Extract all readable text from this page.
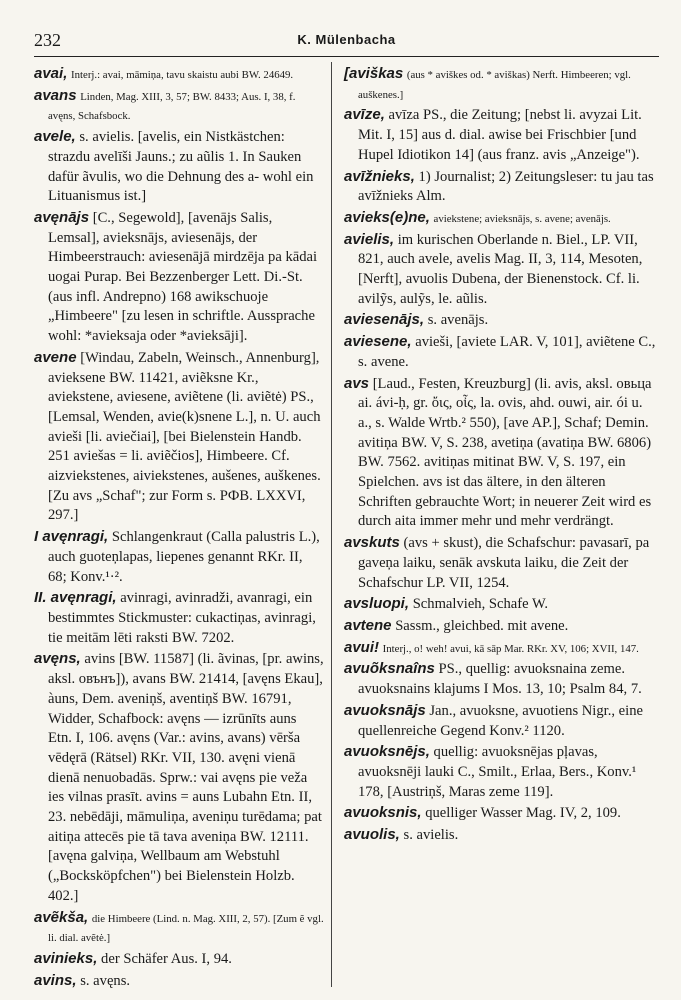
232	K. Mülenbacha

avai, Interj.: avai, māmiņa, tavu skaistu aubi BW. 24649.

avans Linden, Mag. XIII, 3, 57; BW. 8433; Aus. I, 38, f. avęns, Schafsbock.

avele, s. avielis. [avelis, ein Nistkästchen: strazdu avelīši Jauns.; zu aũlis 1. In Sauken dafür ãvulis, wo die Dehnung des a- wohl ein Lituanismus ist.]

avęnājs [C., Segewold], [avenājs Salis, Lemsal], avieksnājs, aviesenājs, der Himbeerstrauch: aviesenājā mirdzēja pa kādai uogai Purap. Bei Bezzenberger Lett. Di.-St. (aus infl. Andrepno) 168 awikschuoje „Himbeere" [zu lesen in schriftle. Aussprache wohl: *avieksaja oder *avieksāji].

avene [Windau, Zabeln, Weinsch., Annenburg], avieksene BW. 11421, aviẽksne Kr., aviekstene, aviesene, aviẽtene (li. aviẽtė) PS., [Lemsal, Wenden, avie(k)snene L.], n. U. auch avieši [li. aviečiai], [bei Bielenstein Handb. 251 aviešas = li. aviẽčios], Himbeere. Cf. aizviekstenes, aiviekstenes, aušenes, auškenes. [Zu avs „Schaf"; zur Form s. PФВ. LXXVI, 297.]

I avęnragi, Schlangenkraut (Calla palustris L.), auch guoteņlapas, liepenes genannt RKr. II, 68; Konv.¹·².

II. avęnragi, avinragi, avinradži, avanragi, ein bestimmtes Stickmuster: cukactiņas, avinragi, tie meitām lēti raksti BW. 7202.

avęns, avins [BW. 11587] (li. ãvinas, [pr. awins, aksl. овънъ]), avans BW. 21414, [avęns Ekau], àuns, Dem. aveniņš, aventiņš BW. 16791, Widder, Schafbock: avęns — izrūnīts auns Etn. I, 106. avęns (Var.: avins, avans) vērša vēdęrā (Rätsel) RKr. VII, 130. avęni vienā dienā nenuobadās. Sprw.: vai avęns pie veža ies vilnas prasīt. avins = auns Lubahn Etn. II, 23. nebēdāji, māmuliņa, aveniņu turēdama; pat aitiņa attecēs pie tā tava aveniņa BW. 12111. [avęna galviņa, Wellbaum am Webstuhl („Bocksköpfchen") bei Bielenstein Holzb. 402.]

avẽkša, die Himbeere (Lind. n. Mag. XIII, 2, 57). [Zum ẽ vgl. li. dial. avẽtė.]

avinieks, der Schäfer Aus. I, 94.

avins, s. avęns.

[aviškas (aus * aviškes od. * aviškas) Nerft. Himbeeren; vgl. auškenes.]

avīze, avīza PS., die Zeitung; [nebst li. avyzai Lit. Mit. I, 15] aus d. dial. awise bei Frischbier [und Hupel Idiotikon 14] (aus franz. avis „Anzeige").

avīžnieks, 1) Journalist; 2) Zeitungsleser: tu jau tas avīžnieks Alm.

avieks(e)ne, aviekstene; avieksnājs, s. avene; avenājs.

avielis, im kurischen Oberlande n. Biel., LP. VII, 821, auch avele, avelis Mag. II, 3, 114, Mesoten, [Nerft], avuolis Dubena, der Bienenstock. Cf. li. avilỹs, aulỹs, le. aũlis.

aviesenājs, s. avenājs.

aviesene, avieši, [aviete LAR. V, 101], aviẽtene C., s. avene.

avs [Laud., Festen, Kreuzburg] (li. avis, aksl. овьца ai. ávi-ḥ, gr. ὄις, οἶς, la. ovis, ahd. ouwi, air. ói u. a., s. Walde Wrtb.² 550), [ave AP.], Schaf; Demin. avitiņa BW. V, S. 238, avetiņa (avatiņa BW. 6806) BW. 7562. avitiņas mitinat BW. V, S. 197, ein Spielchen. avs ist das ältere, in den älteren Schriften gebrauchte Wort; in neuerer Zeit wird es durch aita immer mehr und mehr verdrängt.

avskuts (avs + skust), die Schafschur: pavasarī, pa gaveņa laiku, senāk avskuta laiku, die Zeit der Schafschur LP. VII, 1254.

avsluopi, Schmalvieh, Schafe W.

avtene Sassm., gleichbed. mit avene.

avui! Interj., o! weh! avui, kā sāp Mar. RKr. XV, 106; XVII, 147.

avuõksnaîns PS., quellig: avuoksnaina zeme. avuoksnains klajums I Mos. 13, 10; Psalm 84, 7.

avuoksnājs Jan., avuoksne, avuotiens Nigr., eine quellenreiche Gegend Konv.² 1120.

avuoksnējs, quellig: avuoksnējas pļavas, avuoksnēji lauki C., Smilt., Erlaa, Bers., Konv.¹ 178, [Austriņš, Maras zeme 119].

avuoksnis, quelliger Wasser Mag. IV, 2, 109.

avuolis, s. avielis.
